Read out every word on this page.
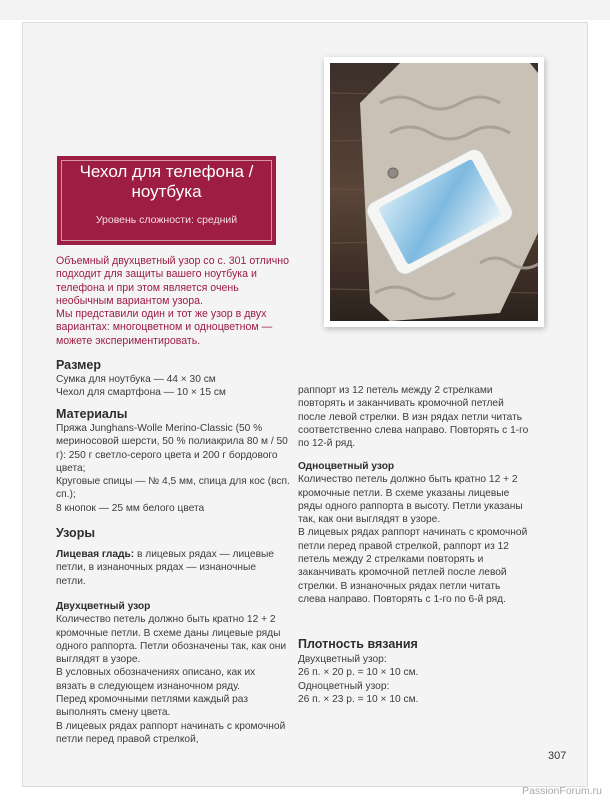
Чехол для телефона / ноутбука
Уровень сложности: средний

Объемный двухцветный узор со с. 301 отлично подходит для защиты вашего ноутбука и телефона и при этом является очень необычным вариантом узора.

Мы представили один и тот же узор в двух вариантах: многоцветном и одноцветном — можете экспериментировать.

Размер

Сумка для ноутбука — 44 × 30 см

Чехол для смартфона — 10 × 15 см

Материалы

Пряжа Junghans-Wolle Merino-Classic (50 % мериносовой шерсти, 50 % полиакрила 80 м / 50 г): 250 г светло-серого цвета и 200 г бордового цвета;

Круговые спицы — № 4,5 мм, спица для кос (всп. сп.);

8 кнопок — 25 мм белого цвета

Узоры

Лицевая гладь: в лицевых рядах — лицевые петли, в изнаночных рядах — изнаночные петли.

Двухцветный узор

Количество петель должно быть кратно 12 + 2 кромочные петли. В схеме даны лицевые ряды одного раппорта. Петли обозначены так, как они выглядят в узоре.

В условных обозначениях описано, как их вязать в следующем изнаночном ряду.

Перед кромочными петлями каждый раз выполнять смену цвета.

В лицевых рядах раппорт начинать с кромочной петли перед правой стрелкой,

раппорт из 12 петель между 2 стрелками повторять и заканчивать кромочной петлей после левой стрелки. В изн рядах петли читать соответственно слева направо. Повторять с 1-го по 12-й ряд.

Одноцветный узор

Количество петель должно быть кратно 12 + 2 кромочные петли. В схеме указаны лицевые ряды одного раппорта в высоту. Петли указаны так, как они выглядят в узоре.

В лицевых рядах раппорт начинать с кромочной петли перед правой стрелкой, раппорт из 12 петель между 2 стрелками повторять и заканчивать кромочной петлей после левой стрелки. В изнаночных рядах петли читать слева направо. Повторять с 1-го по 6-й ряд.

Плотность вязания

Двухцветный узор:

26 п. × 20 р. = 10 × 10 см.

Одноцветный узор:

26 п. × 23 р. = 10 × 10 см.

307
PassionForum.ru
